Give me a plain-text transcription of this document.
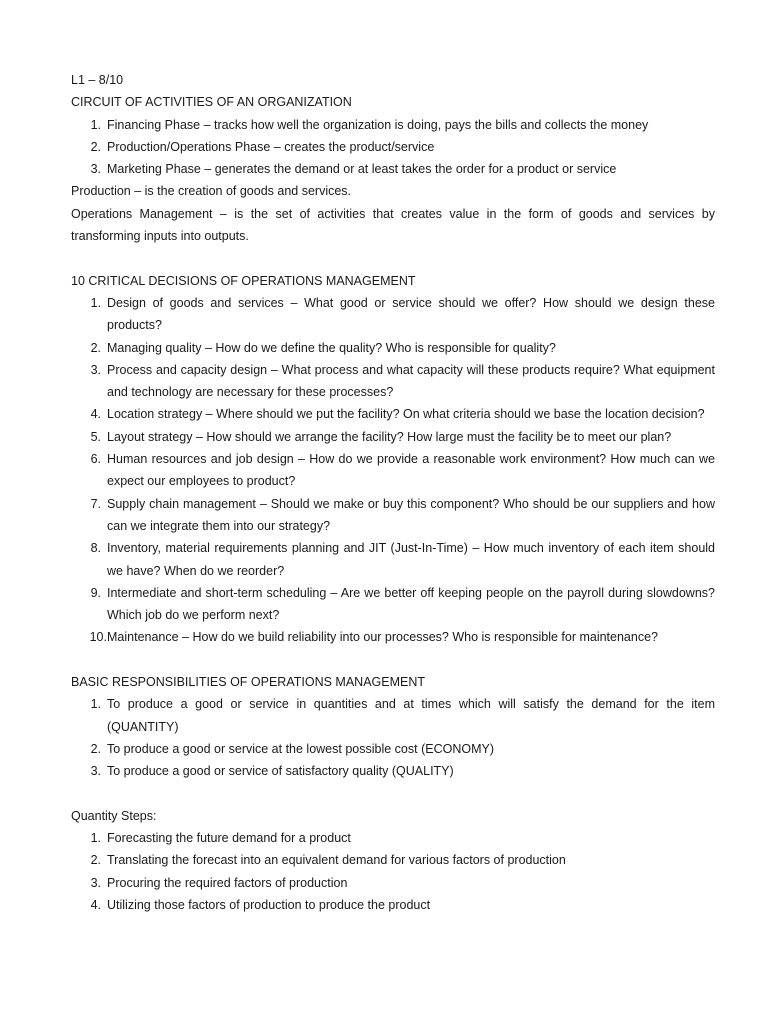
L1 – 8/10

CIRCUIT OF ACTIVITIES OF AN ORGANIZATION

1. Financing Phase – tracks how well the organization is doing, pays the bills and collects the money
2. Production/Operations Phase – creates the product/service
3. Marketing Phase – generates the demand or at least takes the order for a product or service

Production – is the creation of goods and services.

Operations Management – is the set of activities that creates value in the form of goods and services by transforming inputs into outputs.

10 CRITICAL DECISIONS OF OPERATIONS MANAGEMENT

1. Design of goods and services – What good or service should we offer? How should we design these products?
2. Managing quality – How do we define the quality? Who is responsible for quality?
3. Process and capacity design – What process and what capacity will these products require? What equipment and technology are necessary for these processes?
4. Location strategy – Where should we put the facility? On what criteria should we base the location decision?
5. Layout strategy – How should we arrange the facility? How large must the facility be to meet our plan?
6. Human resources and job design – How do we provide a reasonable work environment? How much can we expect our employees to product?
7. Supply chain management – Should we make or buy this component? Who should be our suppliers and how can we integrate them into our strategy?
8. Inventory, material requirements planning and JIT (Just-In-Time) – How much inventory of each item should we have? When do we reorder?
9. Intermediate and short-term scheduling – Are we better off keeping people on the payroll during slowdowns? Which job do we perform next?
10. Maintenance – How do we build reliability into our processes? Who is responsible for maintenance?

BASIC RESPONSIBILITIES OF OPERATIONS MANAGEMENT

1. To produce a good or service in quantities and at times which will satisfy the demand for the item (QUANTITY)
2. To produce a good or service at the lowest possible cost (ECONOMY)
3. To produce a good or service of satisfactory quality (QUALITY)

Quantity Steps:

1. Forecasting the future demand for a product
2. Translating the forecast into an equivalent demand for various factors of production
3. Procuring the required factors of production
4. Utilizing those factors of production to produce the product
